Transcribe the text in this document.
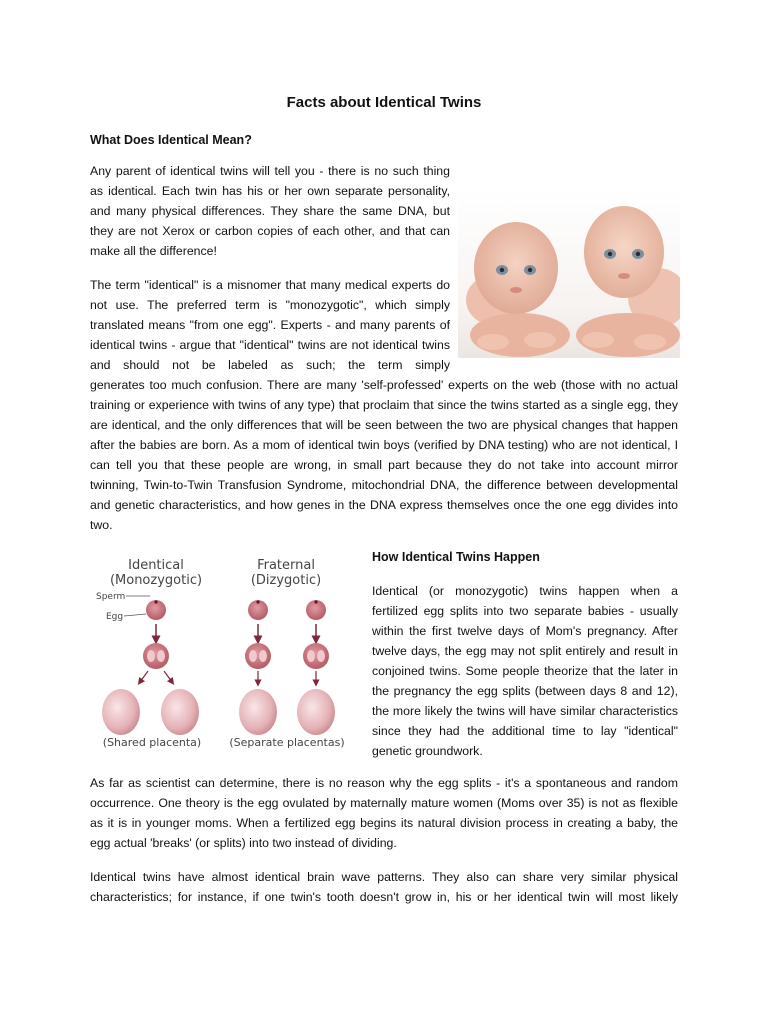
Facts about Identical Twins
What Does Identical Mean?

Any parent of identical twins will tell you - there is no such thing as identical. Each twin has his or her own separate personality, and many physical differences. They share the same DNA, but they are not Xerox or carbon copies of each other, and that can make all the difference!

The term "identical" is a misnomer that many medical experts do not use. The preferred term is "monozygotic", which simply translated means "from one egg". Experts - and many parents of identical twins - argue that "identical" twins are not identical twins and should not be labeled as such; the term simply

generates too much confusion. There are many 'self-professed' experts on the web (those with no actual training or experience with twins of any type) that proclaim that since the twins started as a single egg, they are identical, and the only differences that will be seen between the two are physical changes that happen after the babies are born. As a mom of identical twin boys (verified by DNA testing) who are not identical, I can tell you that these people are wrong, in small part because they do not take into account mirror twinning, Twin-to-Twin Transfusion Syndrome, mitochondrial DNA, the difference between developmental and genetic characteristics, and how genes in the DNA express themselves once the one egg divides into two.

Identical
(Monozygotic)
Fraternal
(Dizygotic)
Sperm
Egg
(Shared placenta)	(Separate placentas)
How Identical Twins Happen

Identical (or monozygotic) twins happen when a fertilized egg splits into two separate babies - usually within the first twelve days of Mom's pregnancy. After twelve days, the egg may not split entirely and result in conjoined twins. Some people theorize that the later in the pregnancy the egg splits (between days 8 and 12), the more likely the twins will have similar characteristics since they had the additional time to lay "identical" genetic groundwork.

As far as scientist can determine, there is no reason why the egg splits - it's a spontaneous and random occurrence. One theory is the egg ovulated by maternally mature women (Moms over 35) is not as flexible as it is in younger moms. When a fertilized egg begins its natural division process in creating a baby, the egg actual 'breaks' (or splits) into two instead of dividing.

Identical twins have almost identical brain wave patterns. They also can share very similar physical characteristics; for instance, if one twin's tooth doesn't grow in, his or her identical twin will most likely
